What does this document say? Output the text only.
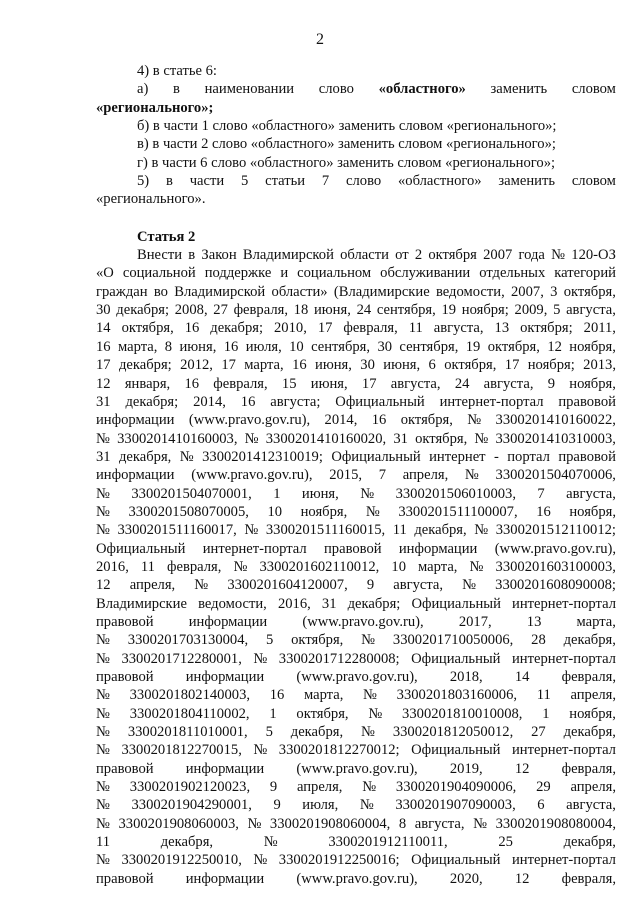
2
4) в статье 6:
а) в наименовании слово «областного» заменить словом
«регионального»;
б) в части 1 слово «областного» заменить словом «регионального»;
в) в части 2 слово «областного» заменить словом «регионального»;
г) в части 6 слово «областного» заменить словом «регионального»;
5) в части 5 статьи 7 слово «областного» заменить словом
«регионального».
Статья 2
Внести в Закон Владимирской области от 2 октября 2007 года № 120-ОЗ
«О социальной поддержке и социальном обслуживании отдельных категорий
граждан во Владимирской области» (Владимирские ведомости, 2007, 3 октября,
30 декабря; 2008, 27 февраля, 18 июня, 24 сентября, 19 ноября; 2009, 5 августа,
14 октября, 16 декабря; 2010, 17 февраля, 11 августа, 13 октября; 2011,
16 марта, 8 июня, 16 июля, 10 сентября, 30 сентября, 19 октября, 12 ноября,
17 декабря; 2012, 17 марта, 16 июня, 30 июня, 6 октября, 17 ноября; 2013,
12 января, 16 февраля, 15 июня, 17 августа, 24 августа, 9 ноября,
31 декабря; 2014, 16 августа; Официальный интернет-портал правовой
информации (www.pravo.gov.ru), 2014, 16 октября, № 3300201410160022,
№ 3300201410160003, № 3300201410160020, 31 октября, № 3300201410310003,
31 декабря, № 3300201412310019; Официальный интернет - портал правовой
информации (www.pravo.gov.ru), 2015, 7 апреля, № 3300201504070006,
№ 3300201504070001, 1 июня, № 3300201506010003, 7 августа,
№ 3300201508070005, 10 ноября, № 3300201511100007, 16 ноября,
№ 3300201511160017, № 3300201511160015, 11 декабря, № 3300201512110012;
Официальный интернет-портал правовой информации (www.pravo.gov.ru),
2016, 11 февраля, № 3300201602110012, 10 марта, № 3300201603100003,
12 апреля, № 3300201604120007, 9 августа, № 3300201608090008;
Владимирские ведомости, 2016, 31 декабря; Официальный интернет-портал
правовой информации (www.pravo.gov.ru), 2017, 13 марта,
№ 3300201703130004, 5 октября, № 3300201710050006, 28 декабря,
№ 3300201712280001, № 3300201712280008; Официальный интернет-портал
правовой информации (www.pravo.gov.ru), 2018, 14 февраля,
№ 3300201802140003, 16 марта, № 3300201803160006, 11 апреля,
№ 3300201804110002, 1 октября, № 3300201810010008, 1 ноября,
№ 3300201811010001, 5 декабря, № 3300201812050012, 27 декабря,
№ 3300201812270015, № 3300201812270012; Официальный интернет-портал
правовой информации (www.pravo.gov.ru), 2019, 12 февраля,
№ 3300201902120023, 9 апреля, № 3300201904090006, 29 апреля,
№ 3300201904290001, 9 июля, № 3300201907090003, 6 августа,
№ 3300201908060003, № 3300201908060004, 8 августа, № 3300201908080004,
11	декабря,	№	3300201912110011,	25	декабря,
№ 3300201912250010, № 3300201912250016; Официальный интернет-портал
правовой информации (www.pravo.gov.ru), 2020, 12 февраля,
